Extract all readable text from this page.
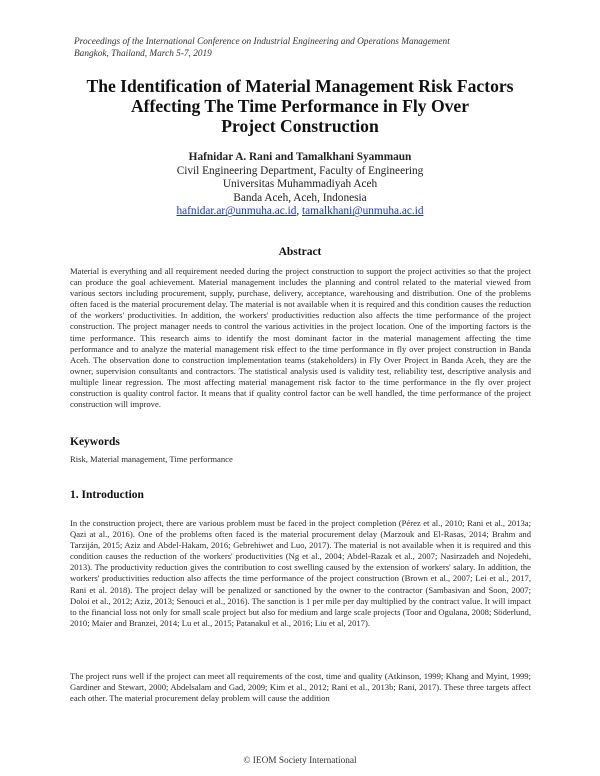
Proceedings of the International Conference on Industrial Engineering and Operations Management
Bangkok, Thailand, March 5-7, 2019
The Identification of Material Management Risk Factors
Affecting The Time Performance in Fly Over
Project Construction
Hafnidar A. Rani and Tamalkhani Syammaun
Civil Engineering Department, Faculty of Engineering
Universitas Muhammadiyah Aceh
Banda Aceh, Aceh, Indonesia
hafnidar.ar@unmuha.ac.id, tamalkhani@unmuha.ac.id
Abstract
Material is everything and all requirement needed during the project construction to support the project activities so that the project can produce the goal achievement. Material management includes the planning and control related to the material viewed from various sectors including procurement, supply, purchase, delivery, acceptance, warehousing and distribution. One of the problems often faced is the material procurement delay. The material is not available when it is required and this condition causes the reduction of the workers' productivities. In addition, the workers' productivities reduction also affects the time performance of the project construction. The project manager needs to control the various activities in the project location. One of the importing factors is the time performance. This research aims to identify the most dominant factor in the material management affecting the time performance and to analyze the material management risk effect to the time performance in fly over project construction in Banda Aceh. The observation done to construction implementation teams (stakeholders) in Fly Over Project in Banda Aceh, they are the owner, supervision consultants and contractors. The statistical analysis used is validity test, reliability test, descriptive analysis and multiple linear regression. The most affecting material management risk factor to the time performance in the fly over project construction is quality control factor. It means that if quality control factor can be well handled, the time performance of the project construction will improve.
Keywords
Risk, Material management, Time performance
1. Introduction
In the construction project, there are various problem must be faced in the project completion (Pérez et al., 2010; Rani et al., 2013a; Qazi at al., 2016). One of the problems often faced is the material procurement delay (Marzouk and El-Rasas, 2014; Brahm and Tarziján, 2015; Aziz and Abdel-Hakam, 2016; Gebrehiwet and Luo, 2017). The material is not available when it is required and this condition causes the reduction of the workers' productivities (Ng et al., 2004; Abdel-Razak et al., 2007; Nasirzadeh and Nojedehi, 2013). The productivity reduction gives the contribution to cost swelling caused by the extension of workers' salary. In addition, the workers' productivities reduction also affects the time performance of the project construction (Brown et al., 2007; Lei et al., 2017, Rani et al. 2018). The project delay will be penalized or sanctioned by the owner to the contractor (Sambasivan and Soon, 2007; Doloi et al., 2012; Aziz, 2013; Senouci et al., 2016). The sanction is 1 per mile per day multiplied by the contract value. It will impact to the financial loss not only for small scale project but also for medium and large scale projects (Toor and Ogulana, 2008; Söderlund, 2010; Maier and Branzei, 2014; Lu et al., 2015; Patanakul et al., 2016; Liu et al, 2017).
The project runs well if the project can meet all requirements of the cost, time and quality (Atkinson, 1999; Khang and Myint, 1999; Gardiner and Stewart, 2000; Abdelsalam and Gad, 2009; Kim et al., 2012; Rani et al., 2013b; Rani, 2017). These three targets affect each other. The material procurement delay problem will cause the addition
© IEOM Society International
